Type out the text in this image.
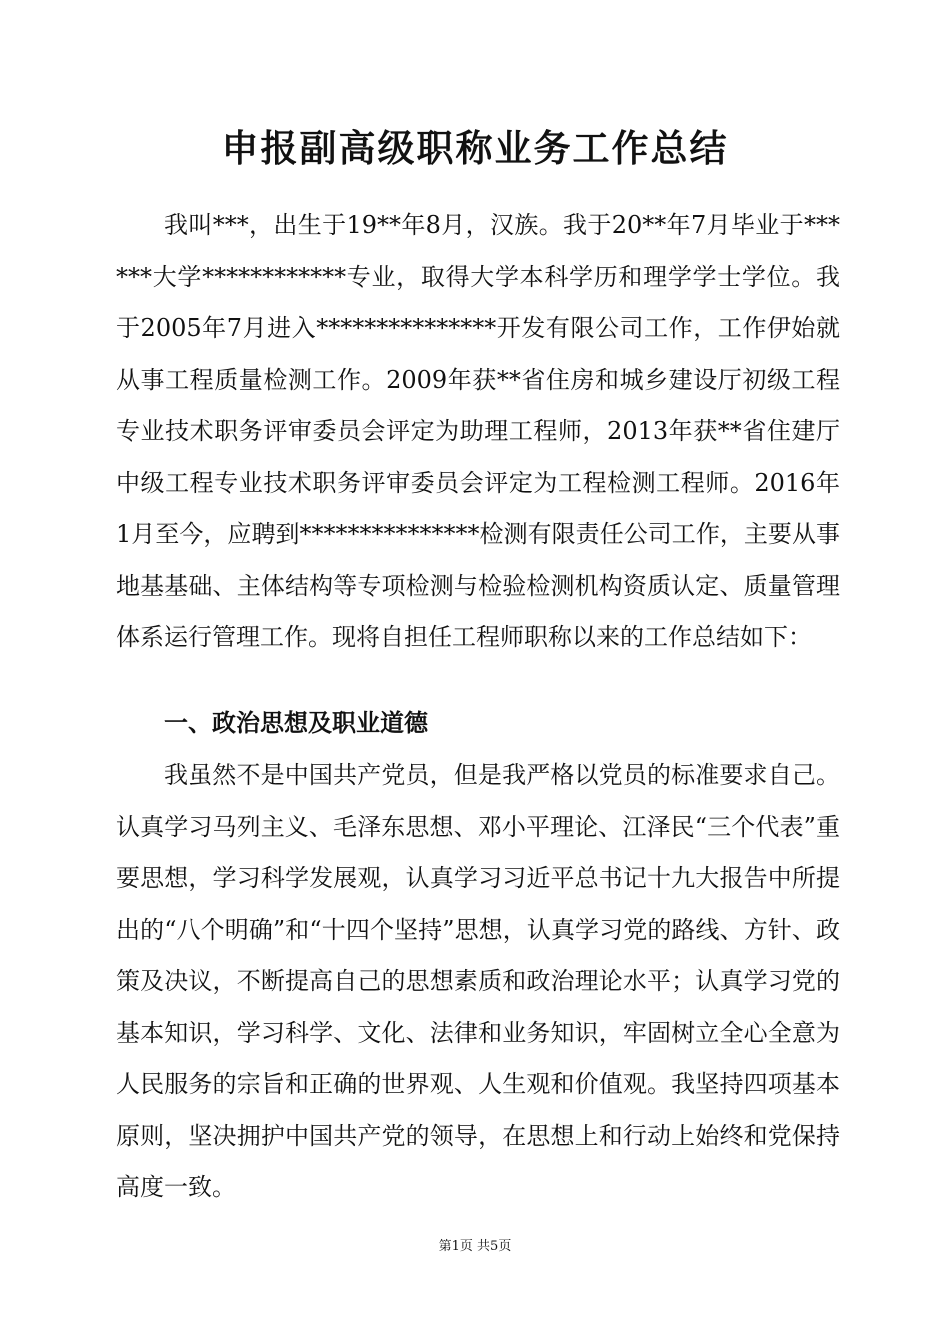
申报副高级职称业务工作总结

我叫***，出生于19**年8月，汉族。我于20**年7月毕业于******大学************专业，取得大学本科学历和理学学士学位。我于2005年7月进入***************开发有限公司工作，工作伊始就从事工程质量检测工作。2009年获**省住房和城乡建设厅初级工程专业技术职务评审委员会评定为助理工程师，2013年获**省住建厅中级工程专业技术职务评审委员会评定为工程检测工程师。2016年1月至今，应聘到***************检测有限责任公司工作，主要从事地基基础、主体结构等专项检测与检验检测机构资质认定、质量管理体系运行管理工作。现将自担任工程师职称以来的工作总结如下：

一、政治思想及职业道德

我虽然不是中国共产党员，但是我严格以党员的标准要求自己。认真学习马列主义、毛泽东思想、邓小平理论、江泽民“三个代表”重要思想，学习科学发展观，认真学习习近平总书记十九大报告中所提出的“八个明确”和“十四个坚持”思想，认真学习党的路线、方针、政策及决议，不断提高自己的思想素质和政治理论水平；认真学习党的基本知识，学习科学、文化、法律和业务知识，牢固树立全心全意为人民服务的宗旨和正确的世界观、人生观和价值观。我坚持四项基本原则，坚决拥护中国共产党的领导，在思想上和行动上始终和党保持高度一致。

第1页 共5页
